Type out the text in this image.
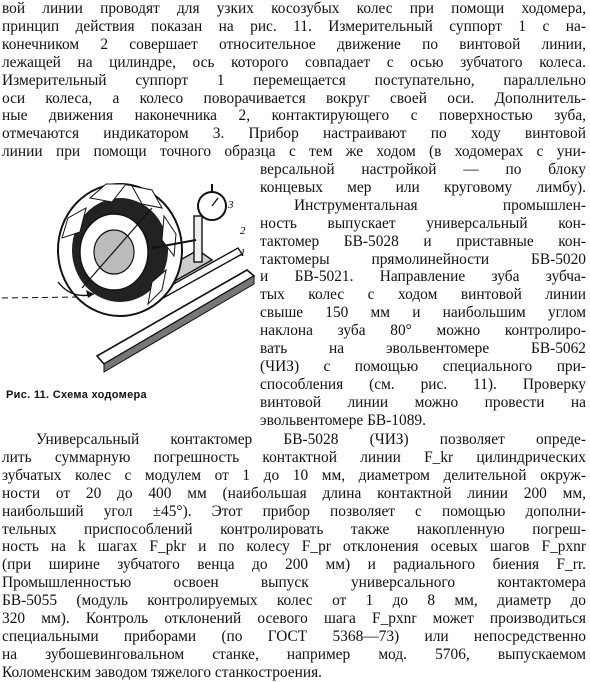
вой линии проводят для узких косозубых колес при помощи ходомера,
принцип действия показан на рис. 11. Измерительный суппорт 1 с на-
конечником 2 совершает относительное движение по винтовой линии,
лежащей на цилиндре, ось которого совпадает с осью зубчатого колеса.
Измерительный суппорт 1 перемещается поступательно, параллельно
оси колеса, а колесо поворачивается вокруг своей оси. Дополнитель-
ные движения наконечника 2, контактирующего с поверхностью зуба,
отмечаются индикатором 3. Прибор настраивают по ходу винтовой
линии при помощи точного образца с тем же ходом (в ходомерах с уни-
версальной настройкой — по блоку
концевых мер или круговому лимбу).
Инструментальная промышлен-
ность выпускает универсальный кон-
тактомер БВ-5028 и приставные кон-
тактомеры прямолинейности БВ-5020
и БВ-5021. Направление зуба зубча-
тых колес с ходом винтовой линии
свыше 150 мм и наибольшим углом
наклона зуба 80° можно контролиро-
вать на эвольвентомере БВ-5062
(ЧИЗ) с помощью специального при-
способления (см. рис. 11). Проверку
винтовой линии можно провести на
эвольвентомере БВ-1089.
3
2
1
Рис. 11. Схема ходомера
Универсальный контактомер БВ-5028 (ЧИЗ) позволяет опреде-
лить суммарную погрешность контактной линии F_kr цилиндрических
зубчатых колес с модулем от 1 до 10 мм, диаметром делительной окруж-
ности от 20 до 400 мм (наибольшая длина контактной линии 200 мм,
наибольший угол ±45°). Этот прибор позволяет с помощью дополни-
тельных приспособлений контролировать также накопленную погреш-
ность на k шагах F_pkr и по колесу F_pr отклонения осевых шагов F_pxnr
(при ширине зубчатого венца до 200 мм) и радиального биения F_rr.
Промышленностью освоен выпуск универсального контактомера
БВ-5055 (модуль контролируемых колес от 1 до 8 мм, диаметр до
320 мм). Контроль отклонений осевого шага F_pxnr может производиться
специальными приборами (по ГОСТ 5368—73) или непосредственно
на зубошевинговальном станке, например мод. 5706, выпускаемом
Коломенским заводом тяжелого станкостроения.
